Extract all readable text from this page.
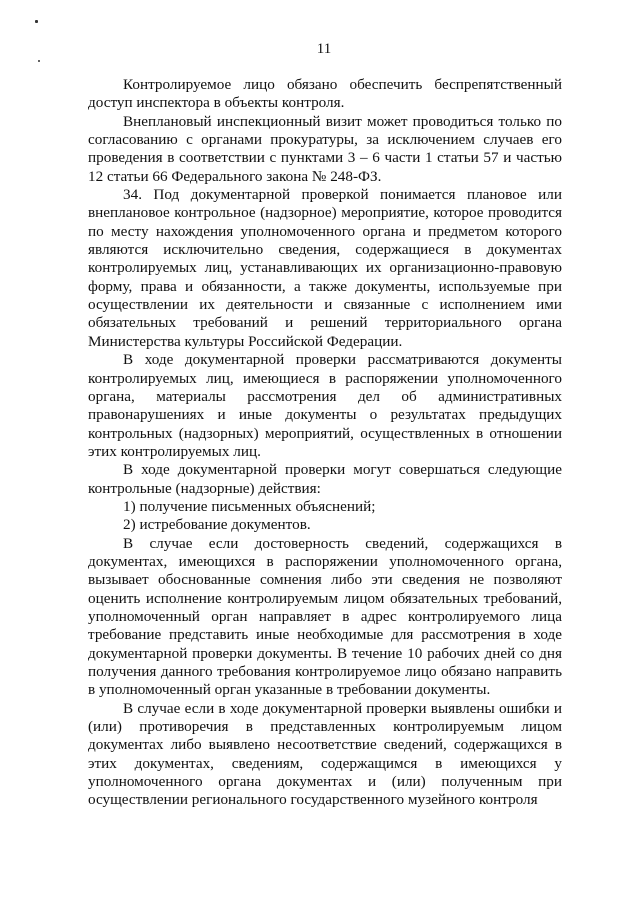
11

Контролируемое лицо обязано обеспечить беспрепятственный доступ инспектора в объекты контроля.

Внеплановый инспекционный визит может проводиться только по согласованию с органами прокуратуры, за исключением случаев его проведения в соответствии с пунктами 3 – 6 части 1 статьи 57 и частью 12 статьи 66 Федерального закона № 248-ФЗ.

34. Под документарной проверкой понимается плановое или внеплановое контрольное (надзорное) мероприятие, которое проводится по месту нахождения уполномоченного органа и предметом которого являются исключительно сведения, содержащиеся в документах контролируемых лиц, устанавливающих их организационно-правовую форму, права и обязанности, а также документы, используемые при осуществлении их деятельности и связанные с исполнением ими обязательных требований и решений территориального органа Министерства культуры Российской Федерации.

В ходе документарной проверки рассматриваются документы контролируемых лиц, имеющиеся в распоряжении уполномоченного органа, материалы рассмотрения дел об административных правонарушениях и иные документы о результатах предыдущих контрольных (надзорных) мероприятий, осуществленных в отношении этих контролируемых лиц.

В ходе документарной проверки могут совершаться следующие контрольные (надзорные) действия:

1) получение письменных объяснений;

2) истребование документов.

В случае если достоверность сведений, содержащихся в документах, имеющихся в распоряжении уполномоченного органа, вызывает обоснованные сомнения либо эти сведения не позволяют оценить исполнение контролируемым лицом обязательных требований, уполномоченный орган направляет в адрес контролируемого лица требование представить иные необходимые для рассмотрения в ходе документарной проверки документы. В течение 10 рабочих дней со дня получения данного требования контролируемое лицо обязано направить в уполномоченный орган указанные в требовании документы.

В случае если в ходе документарной проверки выявлены ошибки и (или) противоречия в представленных контролируемым лицом документах либо выявлено несоответствие сведений, содержащихся в этих документах, сведениям, содержащимся в имеющихся у уполномоченного органа документах и (или) полученным при осуществлении регионального государственного музейного контроля
